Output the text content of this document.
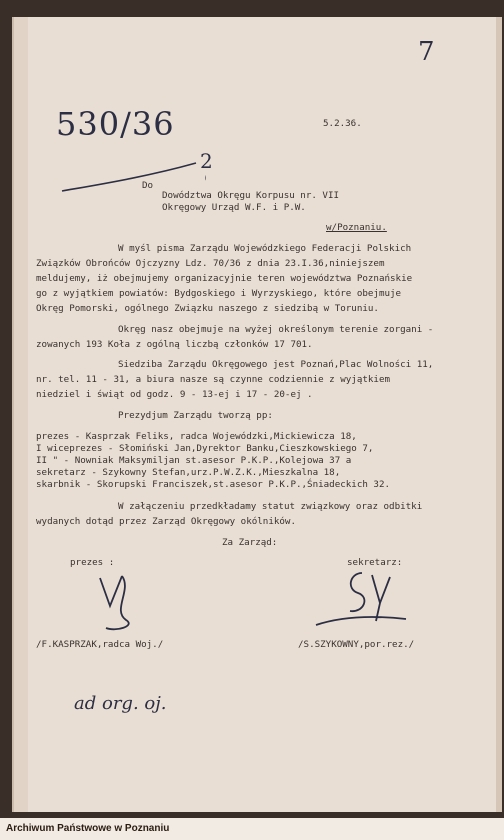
7
530/36
2
5.2.36.
Do
Dowództwa Okręgu Korpusu nr. VII
Okręgowy Urząd W.F. i P.W.
w/Poznaniu.
W myśl pisma Zarządu Wojewódzkiego Federacji Polskich
Związków Obrońców Ojczyzny Ldz. 70/36 z dnia 23.I.36,niniejszem
meldujemy, iż obejmujemy organizacyjnie teren województwa Poznańskie
go z wyjątkiem powiatów: Bydgoskiego i Wyrzyskiego, które obejmuje
Okręg Pomorski, ogólnego Związku naszego z siedzibą w Toruniu.
Okręg nasz obejmuje na wyżej określonym terenie zorgani -
zowanych 193 Koła z ogólną liczbą członków 17 701.
Siedziba Zarządu Okręgowego jest Poznań,Plac Wolności 11,
nr. tel. 11 - 31, a biura nasze są czynne codziennie z wyjątkiem
niedziel i świąt od godz. 9 - 13-ej i 17 - 20-ej .
Prezydjum Zarządu tworzą pp:
prezes - Kasprzak Feliks, radca Wojewódzki,Mickiewicza 18,
I wiceprezes - Słomiński Jan,Dyrektor Banku,Cieszkowskiego 7,
II " - Nowniak Maksymiljan st.asesor P.K.P.,Kolejowa 37 a
sekretarz - Szykowny Stefan,urz.P.W.Z.K.,Mieszkalna 18,
skarbnik - Skorupski Franciszek,st.asesor P.K.P.,Śniadeckich 32.
W załączeniu przedkładamy statut związkowy oraz odbitki
wydanych dotąd przez Zarząd Okręgowy okólników.
Za Zarząd:
prezes :	sekretarz:
/F.KASPRZAK,radca Woj./	/S.SZYKOWNY,por.rez./
ad org. oj.
Archiwum Państwowe w Poznaniu
